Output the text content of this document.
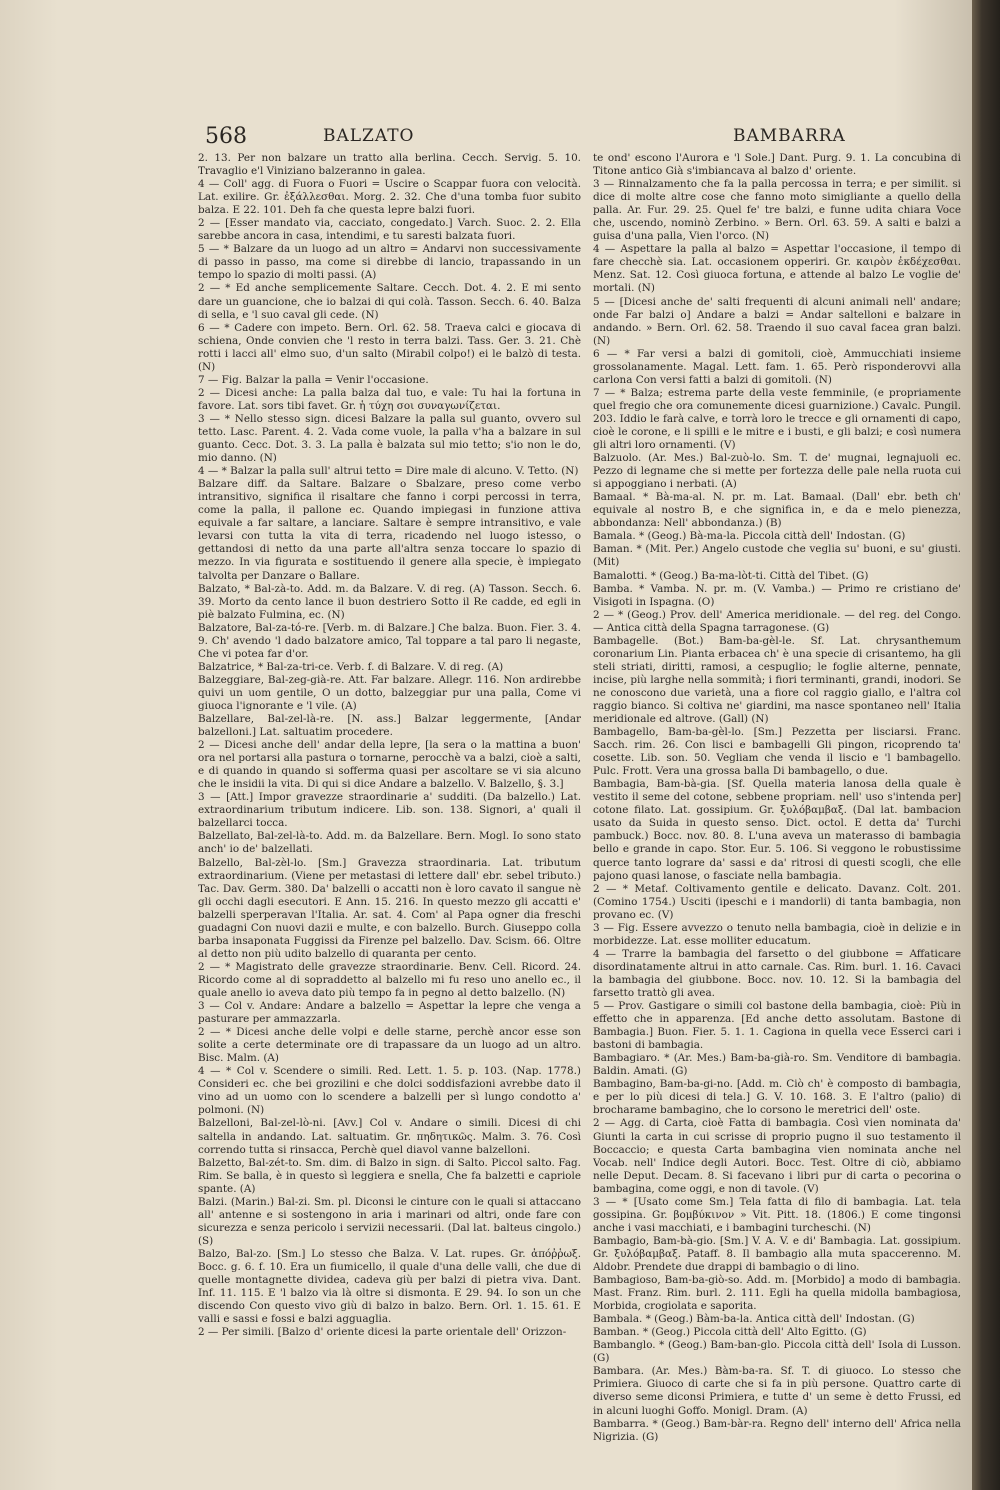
568	BALZATO	BAMBARRA

2. 13. Per non balzare un tratto alla berlina. Cecch. Servig. 5. 10. Travaglio e'l Viniziano balzeranno in galea.

4 — Coll' agg. di Fuora o Fuori = Uscire o Scappar fuora con velocità. Lat. exilire. Gr. ἐξάλλεσθαι. Morg. 2. 32. Che d'una tomba fuor subito balza. E 22. 101. Deh fa che questa lepre balzi fuori.

2 — [Esser mandato via, cacciato, congedato.] Varch. Suoc. 2. 2. Ella sarebbe ancora in casa, intendimi, e tu saresti balzata fuori.

5 — * Balzare da un luogo ad un altro = Andarvi non successivamente di passo in passo, ma come si direbbe di lancio, trapassando in un tempo lo spazio di molti passi. (A)

2 — * Ed anche semplicemente Saltare. Cecch. Dot. 4. 2. E mi sento dare un guancione, che io balzai di qui colà. Tasson. Secch. 6. 40. Balza di sella, e 'l suo caval gli cede. (N)

6 — * Cadere con impeto. Bern. Orl. 62. 58. Traeva calci e giocava di schiena, Onde convien che 'l resto in terra balzi. Tass. Ger. 3. 21. Chè rotti i lacci all' elmo suo, d'un salto (Mirabil colpo!) ei le balzò di testa. (N)

7 — Fig. Balzar la palla = Venir l'occasione.

2 — Dicesi anche: La palla balza dal tuo, e vale: Tu hai la fortuna in favore. Lat. sors tibi favet. Gr. ἡ τύχη σοι συναγωνίζεται.

3 — * Nello stesso sign. dicesi Balzare la palla sul guanto, ovvero sul tetto. Lasc. Parent. 4. 2. Vada come vuole, la palla v'ha a balzare in sul guanto. Cecc. Dot. 3. 3. La palla è balzata sul mio tetto; s'io non le do, mio danno. (N)

4 — * Balzar la palla sull' altrui tetto = Dire male di alcuno. V. Tetto. (N)

Balzare diff. da Saltare. Balzare o Sbalzare, preso come verbo intransitivo, significa il risaltare che fanno i corpi percossi in terra, come la palla, il pallone ec. Quando impiegasi in funzione attiva equivale a far saltare, a lanciare. Saltare è sempre intransitivo, e vale levarsi con tutta la vita di terra, ricadendo nel luogo istesso, o gettandosi di netto da una parte all'altra senza toccare lo spazio di mezzo. In via figurata e sostituendo il genere alla specie, è impiegato talvolta per Danzare o Ballare.

Balzato, * Bal-zà-to. Add. m. da Balzare. V. di reg. (A) Tasson. Secch. 6. 39. Morto da cento lance il buon destriero Sotto il Re cadde, ed egli in piè balzato Fulmina, ec. (N)

Balzatore, Bal-za-tó-re. [Verb. m. di Balzare.] Che balza. Buon. Fier. 3. 4. 9. Ch' avendo 'l dado balzatore amico, Tal toppare a tal paro li negaste, Che vi potea far d'or.

Balzatrice, * Bal-za-tri-ce. Verb. f. di Balzare. V. di reg. (A)

Balzeggiare, Bal-zeg-già-re. Att. Far balzare. Allegr. 116. Non ardirebbe quivi un uom gentile, O un dotto, balzeggiar pur una palla, Come vi giuoca l'ignorante e 'l vile. (A)

Balzellare, Bal-zel-là-re. [N. ass.] Balzar leggermente, [Andar balzelloni.] Lat. saltuatim procedere.

2 — Dicesi anche dell' andar della lepre, [la sera o la mattina a buon' ora nel portarsi alla pastura o tornarne, perocchè va a balzi, cioè a salti, e di quando in quando si sofferma quasi per ascoltare se vi sia alcuno che le insidii la vita. Di qui si dice Andare a balzello. V. Balzello, §. 3.]

3 — [Att.] Impor gravezze straordinarie a' sudditi. (Da balzello.) Lat. extraordinarium tributum indicere. Lib. son. 138. Signori, a' quali il balzellarci tocca.

Balzellato, Bal-zel-là-to. Add. m. da Balzellare. Bern. Mogl. Io sono stato anch' io de' balzellati.

Balzello, Bal-zèl-lo. [Sm.] Gravezza straordinaria. Lat. tributum extraordinarium. (Viene per metastasi di lettere dall' ebr. sebel tributo.) Tac. Dav. Germ. 380. Da' balzelli o accatti non è loro cavato il sangue nè gli occhi dagli esecutori. E Ann. 15. 216. In questo mezzo gli accatti e' balzelli sperperavan l'Italia. Ar. sat. 4. Com' al Papa ogner dia freschi guadagni Con nuovi dazii e multe, e con balzello. Burch. Giuseppo colla barba insaponata Fuggissi da Firenze pel balzello. Dav. Scism. 66. Oltre al detto non più udito balzello di quaranta per cento.

2 — * Magistrato delle gravezze straordinarie. Benv. Cell. Ricord. 24. Ricordo come al di sopraddetto al balzello mi fu reso uno anello ec., il quale anello io aveva dato più tempo fa in pegno al detto balzello. (N)

3 — Col v. Andare: Andare a balzello = Aspettar la lepre che venga a pasturare per ammazzarla.

2 — * Dicesi anche delle volpi e delle starne, perchè ancor esse son solite a certe determinate ore di trapassare da un luogo ad un altro. Bisc. Malm. (A)

4 — * Col v. Scendere o simili. Red. Lett. 1. 5. p. 103. (Nap. 1778.) Consideri ec. che bei grozilini e che dolci soddisfazioni avrebbe dato il vino ad un uomo con lo scendere a balzelli per sì lungo condotto a' polmoni. (N)

Balzelloni, Bal-zel-lò-ni. [Avv.] Col v. Andare o simili. Dicesi di chi saltella in andando. Lat. saltuatim. Gr. πηδητικῶς. Malm. 3. 76. Così correndo tutta si rinsacca, Perchè quel diavol vanne balzelloni.

Balzetto, Bal-zét-to. Sm. dim. di Balzo in sign. di Salto. Piccol salto. Fag. Rim. Se balla, è in questo sì leggiera e snella, Che fa balzetti e capriole spante. (A)

Balzi. (Marin.) Bal-zi. Sm. pl. Diconsi le cinture con le quali si attaccano all' antenne e si sostengono in aria i marinari od altri, onde fare con sicurezza e senza pericolo i servizii necessarii. (Dal lat. balteus cingolo.) (S)

Balzo, Bal-zo. [Sm.] Lo stesso che Balza. V. Lat. rupes. Gr. ἀπόῤῥωξ. Bocc. g. 6. f. 10. Era un fiumicello, il quale d'una delle valli, che due di quelle montagnette dividea, cadeva giù per balzi di pietra viva. Dant. Inf. 11. 115. E 'l balzo via là oltre si dismonta. E 29. 94. Io son un che discendo Con questo vivo giù di balzo in balzo. Bern. Orl. 1. 15. 61. E valli e sassi e fossi e balzi agguaglia.

2 — Per simili. [Balzo d' oriente dicesi la parte orientale dell' Orizzon-

te ond' escono l'Aurora e 'l Sole.] Dant. Purg. 9. 1. La concubina di Titone antico Già s'imbiancava al balzo d' oriente.

3 — Rinnalzamento che fa la palla percossa in terra; e per similit. si dice di molte altre cose che fanno moto simigliante a quello della palla. Ar. Fur. 29. 25. Quel fe' tre balzi, e funne udita chiara Voce che, uscendo, nominò Zerbino. » Bern. Orl. 63. 59. A salti e balzi a guisa d'una palla, Vien l'orco. (N)

4 — Aspettare la palla al balzo = Aspettar l'occasione, il tempo di fare checchè sia. Lat. occasionem opperiri. Gr. καιρὸν ἐκδέχεσθαι. Menz. Sat. 12. Così giuoca fortuna, e attende al balzo Le voglie de' mortali. (N)

5 — [Dicesi anche de' salti frequenti di alcuni animali nell' andare; onde Far balzi o] Andare a balzi = Andar saltelloni e balzare in andando. » Bern. Orl. 62. 58. Traendo il suo caval facea gran balzi. (N)

6 — * Far versi a balzi di gomitoli, cioè, Ammucchiati insieme grossolanamente. Magal. Lett. fam. 1. 65. Però risponderovvi alla carlona Con versi fatti a balzi di gomitoli. (N)

7 — * Balza; estrema parte della veste femminile, (e propriamente quel fregio che ora comunemente dicesi guarnizione.) Cavalc. Pungil. 203. Iddio le farà calve, e torrà loro le trecce e gli ornamenti di capo, cioè le corone, e li spilli e le mitre e i busti, e gli balzi; e così numera gli altri loro ornamenti. (V)

Balzuolo. (Ar. Mes.) Bal-zuò-lo. Sm. T. de' mugnai, legnajuoli ec. Pezzo di legname che si mette per fortezza delle pale nella ruota cui si appoggiano i nerbati. (A)

Bamaal. * Bà-ma-al. N. pr. m. Lat. Bamaal. (Dall' ebr. beth ch' equivale al nostro B, e che significa in, e da e melo pienezza, abbondanza: Nell' abbondanza.) (B)

Bamala. * (Geog.) Bà-ma-la. Piccola città dell' Indostan. (G)

Baman. * (Mit. Per.) Angelo custode che veglia su' buoni, e su' giusti. (Mit)

Bamalotti. * (Geog.) Ba-ma-lòt-ti. Città del Tibet. (G)

Bamba. * Vamba. N. pr. m. (V. Vamba.) — Primo re cristiano de' Visigoti in Ispagna. (O)

2 — * (Geog.) Prov. dell' America meridionale. — del reg. del Congo. — Antica città della Spagna tarragonese. (G)

Bambagelle. (Bot.) Bam-ba-gèl-le. Sf. Lat. chrysanthemum coronarium Lin. Pianta erbacea ch' è una specie di crisantemo, ha gli steli striati, diritti, ramosi, a cespuglio; le foglie alterne, pennate, incise, più larghe nella sommità; i fiori terminanti, grandi, inodori. Se ne conoscono due varietà, una a fiore col raggio giallo, e l'altra col raggio bianco. Si coltiva ne' giardini, ma nasce spontaneo nell' Italia meridionale ed altrove. (Gall) (N)

Bambagello, Bam-ba-gèl-lo. [Sm.] Pezzetta per lisciarsi. Franc. Sacch. rim. 26. Con lisci e bambagelli Gli pingon, ricoprendo ta' cosette. Lib. son. 50. Vegliam che venda il liscio e 'l bambagello. Pulc. Frott. Vera una grossa balla Di bambagello, o due.

Bambagia, Bam-bà-gia. [Sf. Quella materia lanosa della quale è vestito il seme del cotone, sebbene propriam. nell' uso s'intenda per] cotone filato. Lat. gossipium. Gr. ξυλόβαμβαξ. (Dal lat. bambacion usato da Suida in questo senso. Dict. octol. E detta da' Turchi pambuck.) Bocc. nov. 80. 8. L'una aveva un materasso di bambagia bello e grande in capo. Stor. Eur. 5. 106. Si veggono le robustissime querce tanto lograre da' sassi e da' ritrosi di questi scogli, che elle pajono quasi lanose, o fasciate nella bambagia.

2 — * Metaf. Coltivamento gentile e delicato. Davanz. Colt. 201. (Comino 1754.) Usciti (ipeschi e i mandorli) di tanta bambagia, non provano ec. (V)

3 — Fig. Essere avvezzo o tenuto nella bambagia, cioè in delizie e in morbidezze. Lat. esse molliter educatum.

4 — Trarre la bambagia del farsetto o del giubbone = Affaticare disordinatamente altrui in atto carnale. Cas. Rim. burl. 1. 16. Cavaci la bambagia del giubbone. Bocc. nov. 10. 12. Si la bambagia del farsetto trattò gli avea.

5 — Prov. Gastigare o simili col bastone della bambagia, cioè: Più in effetto che in apparenza. [Ed anche detto assolutam. Bastone di Bambagia.] Buon. Fier. 5. 1. 1. Cagiona in quella vece Esserci cari i bastoni di bambagia.

Bambagiaro. * (Ar. Mes.) Bam-ba-già-ro. Sm. Venditore di bambagia. Baldin. Amati. (G)

Bambagino, Bam-ba-gi-no. [Add. m. Ciò ch' è composto di bambagia, e per lo più dicesi di tela.] G. V. 10. 168. 3. E l'altro (palio) di brocharame bambagino, che lo corsono le meretrici dell' oste.

2 — Agg. di Carta, cioè Fatta di bambagia. Così vien nominata da' Giunti la carta in cui scrisse di proprio pugno il suo testamento il Boccaccio; e questa Carta bambagina vien nominata anche nel Vocab. nell' Indice degli Autori. Bocc. Test. Oltre di ciò, abbiamo nelle Deput. Decam. 8. Si facevano i libri pur di carta o pecorina o bambagina, come oggi, e non di tavole. (V)

3 — * [Usato come Sm.] Tela fatta di filo di bambagia. Lat. tela gossipina. Gr. βομβύκινον » Vit. Pitt. 18. (1806.) E come tingonsi anche i vasi macchiati, e i bambagini turcheschi. (N)

Bambagio, Bam-bà-gio. [Sm.] V. A. V. e di' Bambagia. Lat. gossipium. Gr. ξυλόβαμβαξ. Pataff. 8. Il bambagio alla muta spaccerenno. M. Aldobr. Prendete due drappi di bambagio o di lino.

Bambagioso, Bam-ba-giò-so. Add. m. [Morbido] a modo di bambagia. Mast. Franz. Rim. burl. 2. 111. Egli ha quella midolla bambagiosa, Morbida, crogiolata e saporita.

Bambala. * (Geog.) Bàm-ba-la. Antica città dell' Indostan. (G)

Bamban. * (Geog.) Piccola città dell' Alto Egitto. (G)

Bambanglo. * (Geog.) Bam-ban-glo. Piccola città dell' Isola di Lusson. (G)

Bambara. (Ar. Mes.) Bàm-ba-ra. Sf. T. di giuoco. Lo stesso che Primiera. Giuoco di carte che si fa in più persone. Quattro carte di diverso seme diconsi Primiera, e tutte d' un seme è detto Frussi, ed in alcuni luoghi Goffo. Monigl. Dram. (A)

Bambarra. * (Geog.) Bam-bàr-ra. Regno dell' interno dell' Africa nella Nigrizia. (G)
